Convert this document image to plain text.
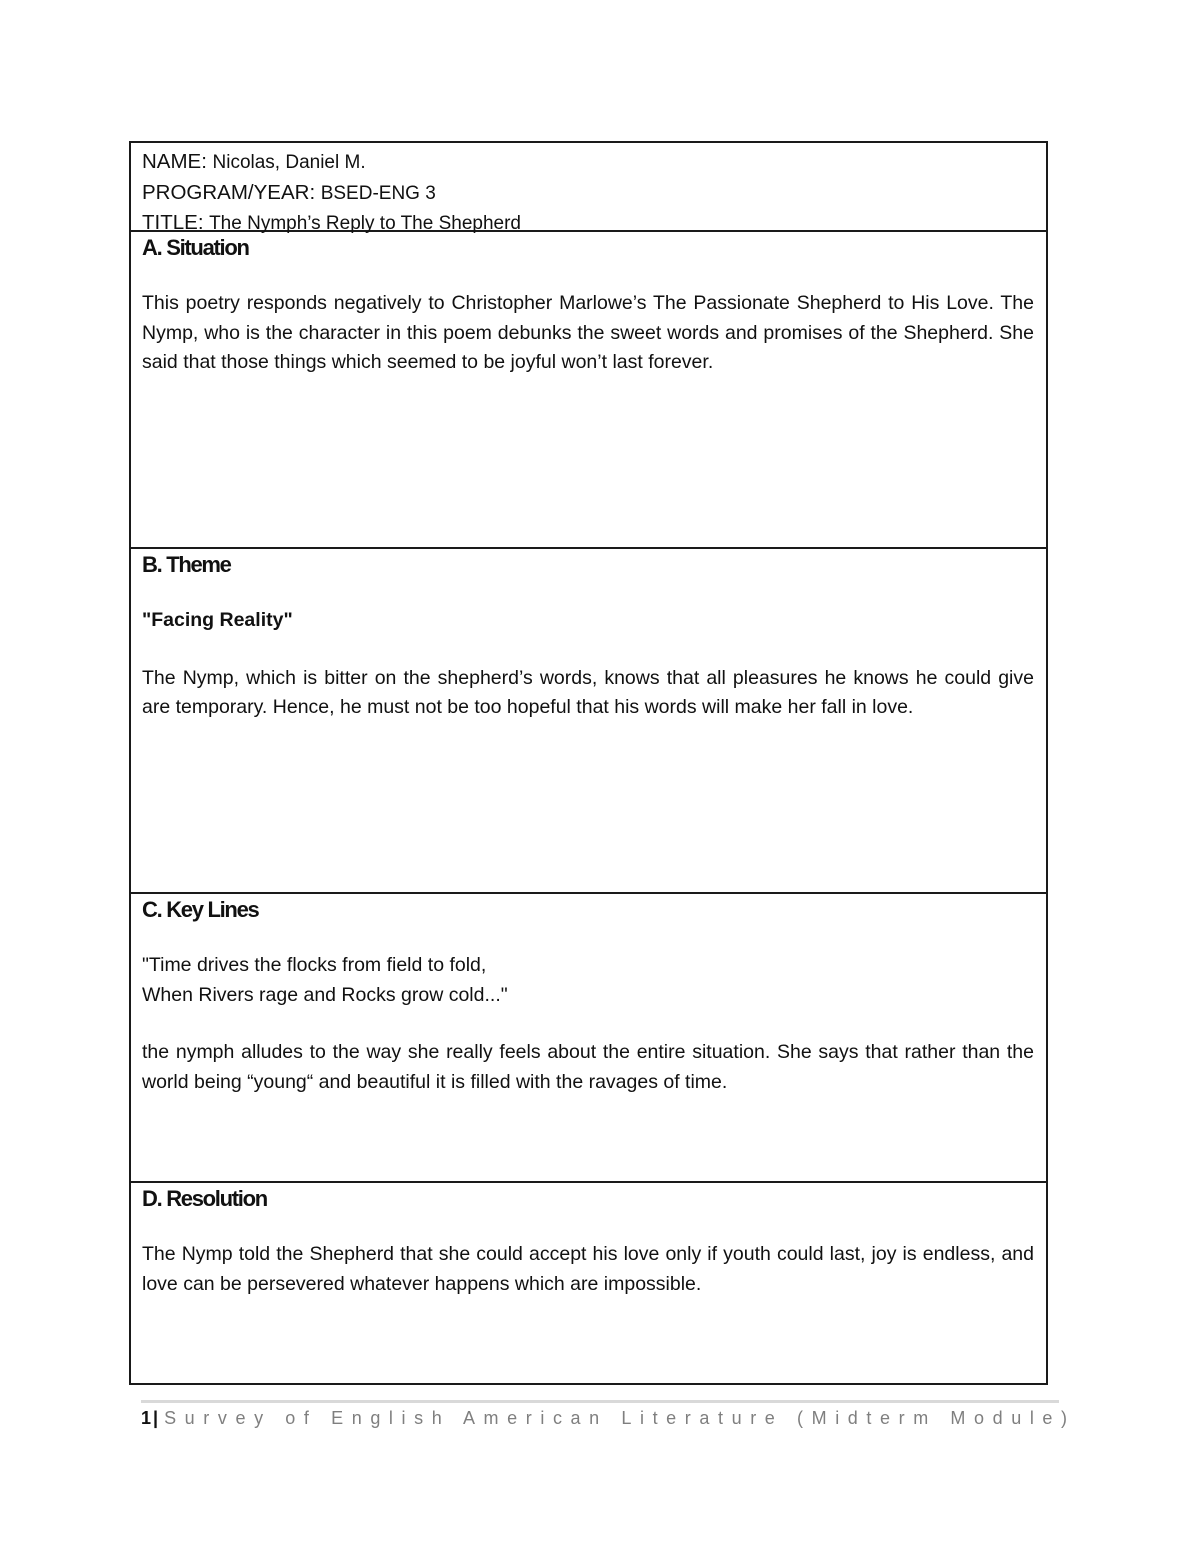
NAME: Nicolas, Daniel M.
PROGRAM/YEAR: BSED-ENG 3
TITLE: The Nymph’s Reply to The Shepherd
A. Situation

This poetry responds negatively to Christopher Marlowe’s The Passionate Shepherd to His Love. The Nymp, who is the character in this poem debunks the sweet words and promises of the Shepherd. She said that those things which seemed to be joyful won’t last forever.

B. Theme
"Facing Reality"

The Nymp, which is bitter on the shepherd’s words, knows that all pleasures he knows he could give are temporary. Hence, he must not be too hopeful that his words will make her fall in love.

C. Key Lines
"Time drives the flocks from field to fold,
When Rivers rage and Rocks grow cold..."

the nymph alludes to the way she really feels about the entire situation. She says that rather than the world being “young“ and beautiful it is filled with the ravages of time.

D. Resolution

The Nymp told the Shepherd that she could accept his love only if youth could last, joy is endless, and love can be persevered whatever happens which are impossible.

1 | Survey of English American Literature (Midterm Module)
